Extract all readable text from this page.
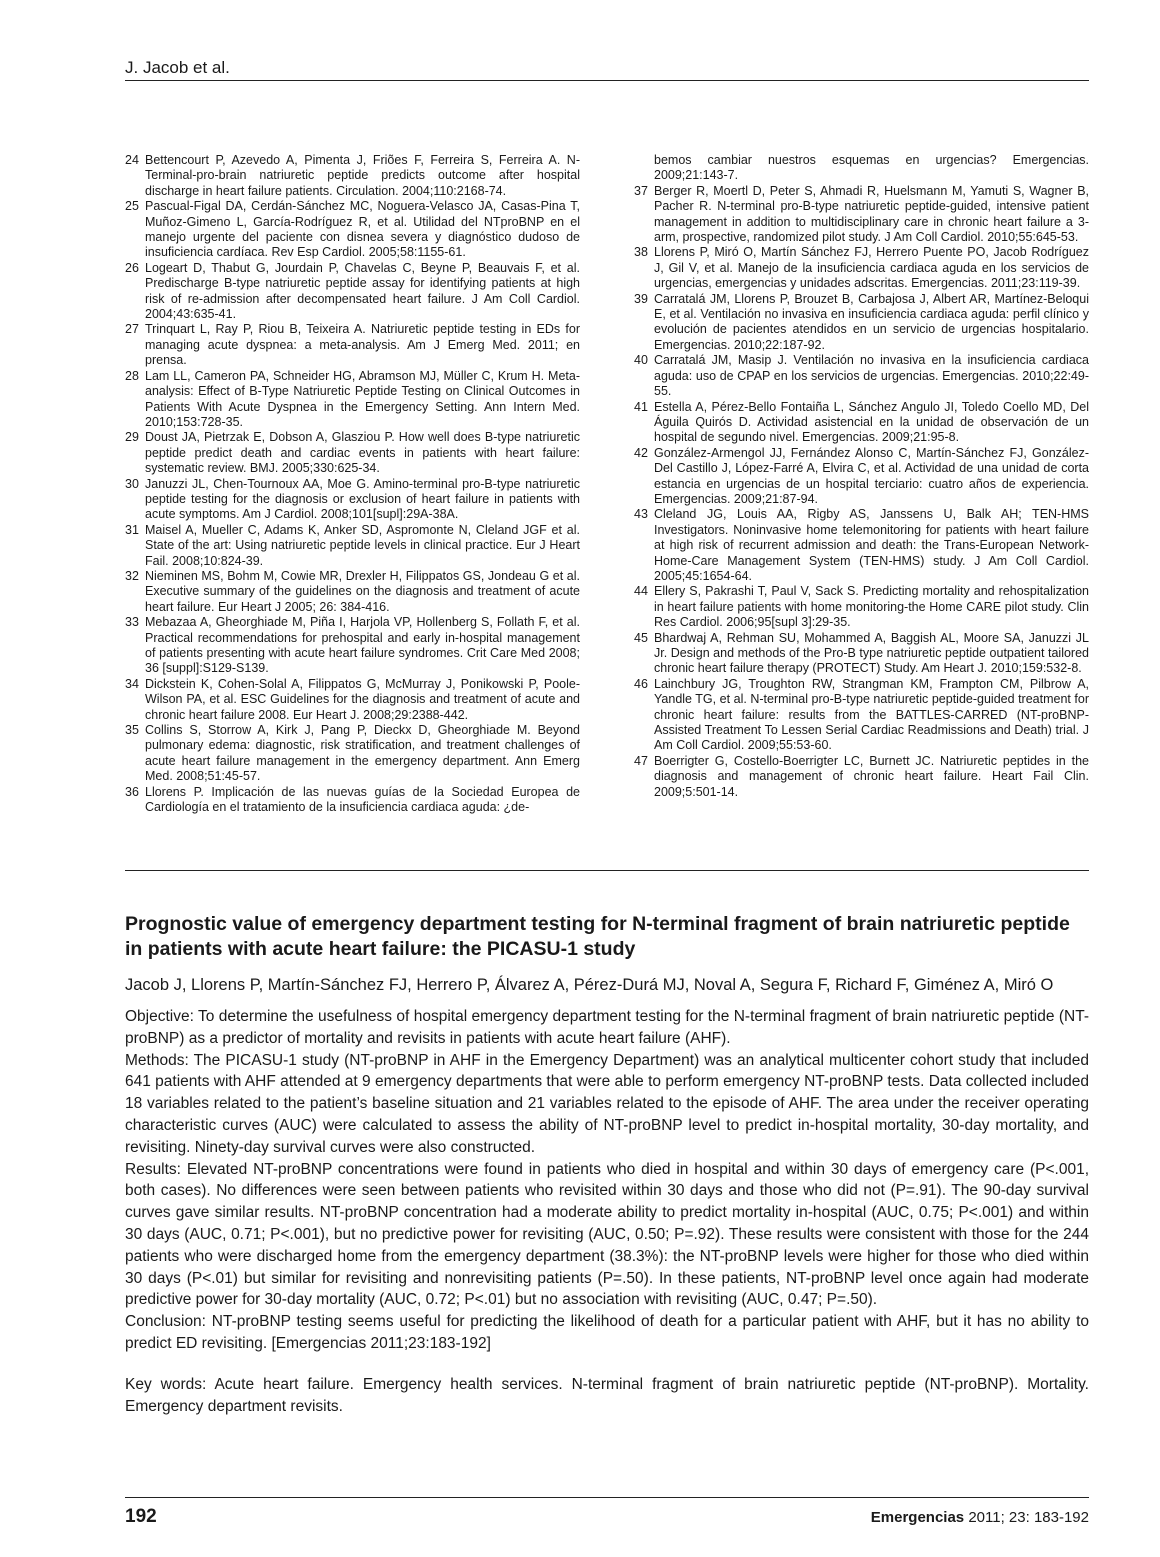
J. Jacob et al.
24 Bettencourt P, Azevedo A, Pimenta J, Friões F, Ferreira S, Ferreira A. N-Terminal-pro-brain natriuretic peptide predicts outcome after hospital discharge in heart failure patients. Circulation. 2004;110:2168-74.
25 Pascual-Figal DA, Cerdán-Sánchez MC, Noguera-Velasco JA, Casas-Pina T, Muñoz-Gimeno L, García-Rodríguez R, et al. Utilidad del NTproBNP en el manejo urgente del paciente con disnea severa y diagnóstico dudoso de insuficiencia cardíaca. Rev Esp Cardiol. 2005;58:1155-61.
26 Logeart D, Thabut G, Jourdain P, Chavelas C, Beyne P, Beauvais F, et al. Predischarge B-type natriuretic peptide assay for identifying patients at high risk of re-admission after decompensated heart failure. J Am Coll Cardiol. 2004;43:635-41.
27 Trinquart L, Ray P, Riou B, Teixeira A. Natriuretic peptide testing in EDs for managing acute dyspnea: a meta-analysis. Am J Emerg Med. 2011; en prensa.
28 Lam LL, Cameron PA, Schneider HG, Abramson MJ, Müller C, Krum H. Meta-analysis: Effect of B-Type Natriuretic Peptide Testing on Clinical Outcomes in Patients With Acute Dyspnea in the Emergency Setting. Ann Intern Med. 2010;153:728-35.
29 Doust JA, Pietrzak E, Dobson A, Glasziou P. How well does B-type natriuretic peptide predict death and cardiac events in patients with heart failure: systematic review. BMJ. 2005;330:625-34.
30 Januzzi JL, Chen-Tournoux AA, Moe G. Amino-terminal pro-B-type natriuretic peptide testing for the diagnosis or exclusion of heart failure in patients with acute symptoms. Am J Cardiol. 2008;101[supl]:29A-38A.
31 Maisel A, Mueller C, Adams K, Anker SD, Aspromonte N, Cleland JGF et al. State of the art: Using natriuretic peptide levels in clinical practice. Eur J Heart Fail. 2008;10:824-39.
32 Nieminen MS, Bohm M, Cowie MR, Drexler H, Filippatos GS, Jondeau G et al. Executive summary of the guidelines on the diagnosis and treatment of acute heart failure. Eur Heart J 2005; 26: 384-416.
33 Mebazaa A, Gheorghiade M, Piña I, Harjola VP, Hollenberg S, Follath F, et al. Practical recommendations for prehospital and early in-hospital management of patients presenting with acute heart failure syndromes. Crit Care Med 2008; 36 [suppl]:S129-S139.
34 Dickstein K, Cohen-Solal A, Filippatos G, McMurray J, Ponikowski P, Poole-Wilson PA, et al. ESC Guidelines for the diagnosis and treatment of acute and chronic heart failure 2008. Eur Heart J. 2008;29:2388-442.
35 Collins S, Storrow A, Kirk J, Pang P, Dieckx D, Gheorghiade M. Beyond pulmonary edema: diagnostic, risk stratification, and treatment challenges of acute heart failure management in the emergency department. Ann Emerg Med. 2008;51:45-57.
36 Llorens P. Implicación de las nuevas guías de la Sociedad Europea de Cardiología en el tratamiento de la insuficiencia cardiaca aguda: ¿de-
bemos cambiar nuestros esquemas en urgencias? Emergencias. 2009;21:143-7.
37 Berger R, Moertl D, Peter S, Ahmadi R, Huelsmann M, Yamuti S, Wagner B, Pacher R. N-terminal pro-B-type natriuretic peptide-guided, intensive patient management in addition to multidisciplinary care in chronic heart failure a 3-arm, prospective, randomized pilot study. J Am Coll Cardiol. 2010;55:645-53.
38 Llorens P, Miró O, Martín Sánchez FJ, Herrero Puente PO, Jacob Rodríguez J, Gil V, et al. Manejo de la insuficiencia cardiaca aguda en los servicios de urgencias, emergencias y unidades adscritas. Emergencias. 2011;23:119-39.
39 Carratalá JM, Llorens P, Brouzet B, Carbajosa J, Albert AR, Martínez-Beloqui E, et al. Ventilación no invasiva en insuficiencia cardiaca aguda: perfil clínico y evolución de pacientes atendidos en un servicio de urgencias hospitalario. Emergencias. 2010;22:187-92.
40 Carratalá JM, Masip J. Ventilación no invasiva en la insuficiencia cardiaca aguda: uso de CPAP en los servicios de urgencias. Emergencias. 2010;22:49-55.
41 Estella A, Pérez-Bello Fontaiña L, Sánchez Angulo JI, Toledo Coello MD, Del Águila Quirós D. Actividad asistencial en la unidad de observación de un hospital de segundo nivel. Emergencias. 2009;21:95-8.
42 González-Armengol JJ, Fernández Alonso C, Martín-Sánchez FJ, González-Del Castillo J, López-Farré A, Elvira C, et al. Actividad de una unidad de corta estancia en urgencias de un hospital terciario: cuatro años de experiencia. Emergencias. 2009;21:87-94.
43 Cleland JG, Louis AA, Rigby AS, Janssens U, Balk AH; TEN-HMS Investigators. Noninvasive home telemonitoring for patients with heart failure at high risk of recurrent admission and death: the Trans-European Network-Home-Care Management System (TEN-HMS) study. J Am Coll Cardiol. 2005;45:1654-64.
44 Ellery S, Pakrashi T, Paul V, Sack S. Predicting mortality and rehospitalization in heart failure patients with home monitoring-the Home CARE pilot study. Clin Res Cardiol. 2006;95[supl 3]:29-35.
45 Bhardwaj A, Rehman SU, Mohammed A, Baggish AL, Moore SA, Januzzi JL Jr. Design and methods of the Pro-B type natriuretic peptide outpatient tailored chronic heart failure therapy (PROTECT) Study. Am Heart J. 2010;159:532-8.
46 Lainchbury JG, Troughton RW, Strangman KM, Frampton CM, Pilbrow A, Yandle TG, et al. N-terminal pro-B-type natriuretic peptide-guided treatment for chronic heart failure: results from the BATTLES-CARRED (NT-proBNP-Assisted Treatment To Lessen Serial Cardiac Readmissions and Death) trial. J Am Coll Cardiol. 2009;55:53-60.
47 Boerrigter G, Costello-Boerrigter LC, Burnett JC. Natriuretic peptides in the diagnosis and management of chronic heart failure. Heart Fail Clin. 2009;5:501-14.
Prognostic value of emergency department testing for N-terminal fragment of brain natriuretic peptide in patients with acute heart failure: the PICASU-1 study

Jacob J, Llorens P, Martín-Sánchez FJ, Herrero P, Álvarez A, Pérez-Durá MJ, Noval A, Segura F, Richard F, Giménez A, Miró O

Objective: To determine the usefulness of hospital emergency department testing for the N-terminal fragment of brain natriuretic peptide (NT-proBNP) as a predictor of mortality and revisits in patients with acute heart failure (AHF).

Methods: The PICASU-1 study (NT-proBNP in AHF in the Emergency Department) was an analytical multicenter cohort study that included 641 patients with AHF attended at 9 emergency departments that were able to perform emergency NT-proBNP tests. Data collected included 18 variables related to the patient’s baseline situation and 21 variables related to the episode of AHF. The area under the receiver operating characteristic curves (AUC) were calculated to assess the ability of NT-proBNP level to predict in-hospital mortality, 30-day mortality, and revisiting. Ninety-day survival curves were also constructed.

Results: Elevated NT-proBNP concentrations were found in patients who died in hospital and within 30 days of emergency care (P<.001, both cases). No differences were seen between patients who revisited within 30 days and those who did not (P=.91). The 90-day survival curves gave similar results. NT-proBNP concentration had a moderate ability to predict mortality in-hospital (AUC, 0.75; P<.001) and within 30 days (AUC, 0.71; P<.001), but no predictive power for revisiting (AUC, 0.50; P=.92). These results were consistent with those for the 244 patients who were discharged home from the emergency department (38.3%): the NT-proBNP levels were higher for those who died within 30 days (P<.01) but similar for revisiting and nonrevisiting patients (P=.50). In these patients, NT-proBNP level once again had moderate predictive power for 30-day mortality (AUC, 0.72; P<.01) but no association with revisiting (AUC, 0.47; P=.50).

Conclusion: NT-proBNP testing seems useful for predicting the likelihood of death for a particular patient with AHF, but it has no ability to predict ED revisiting. [Emergencias 2011;23:183-192]

Key words: Acute heart failure. Emergency health services. N-terminal fragment of brain natriuretic peptide (NT-proBNP). Mortality. Emergency department revisits.

192	Emergencias 2011; 23: 183-192
